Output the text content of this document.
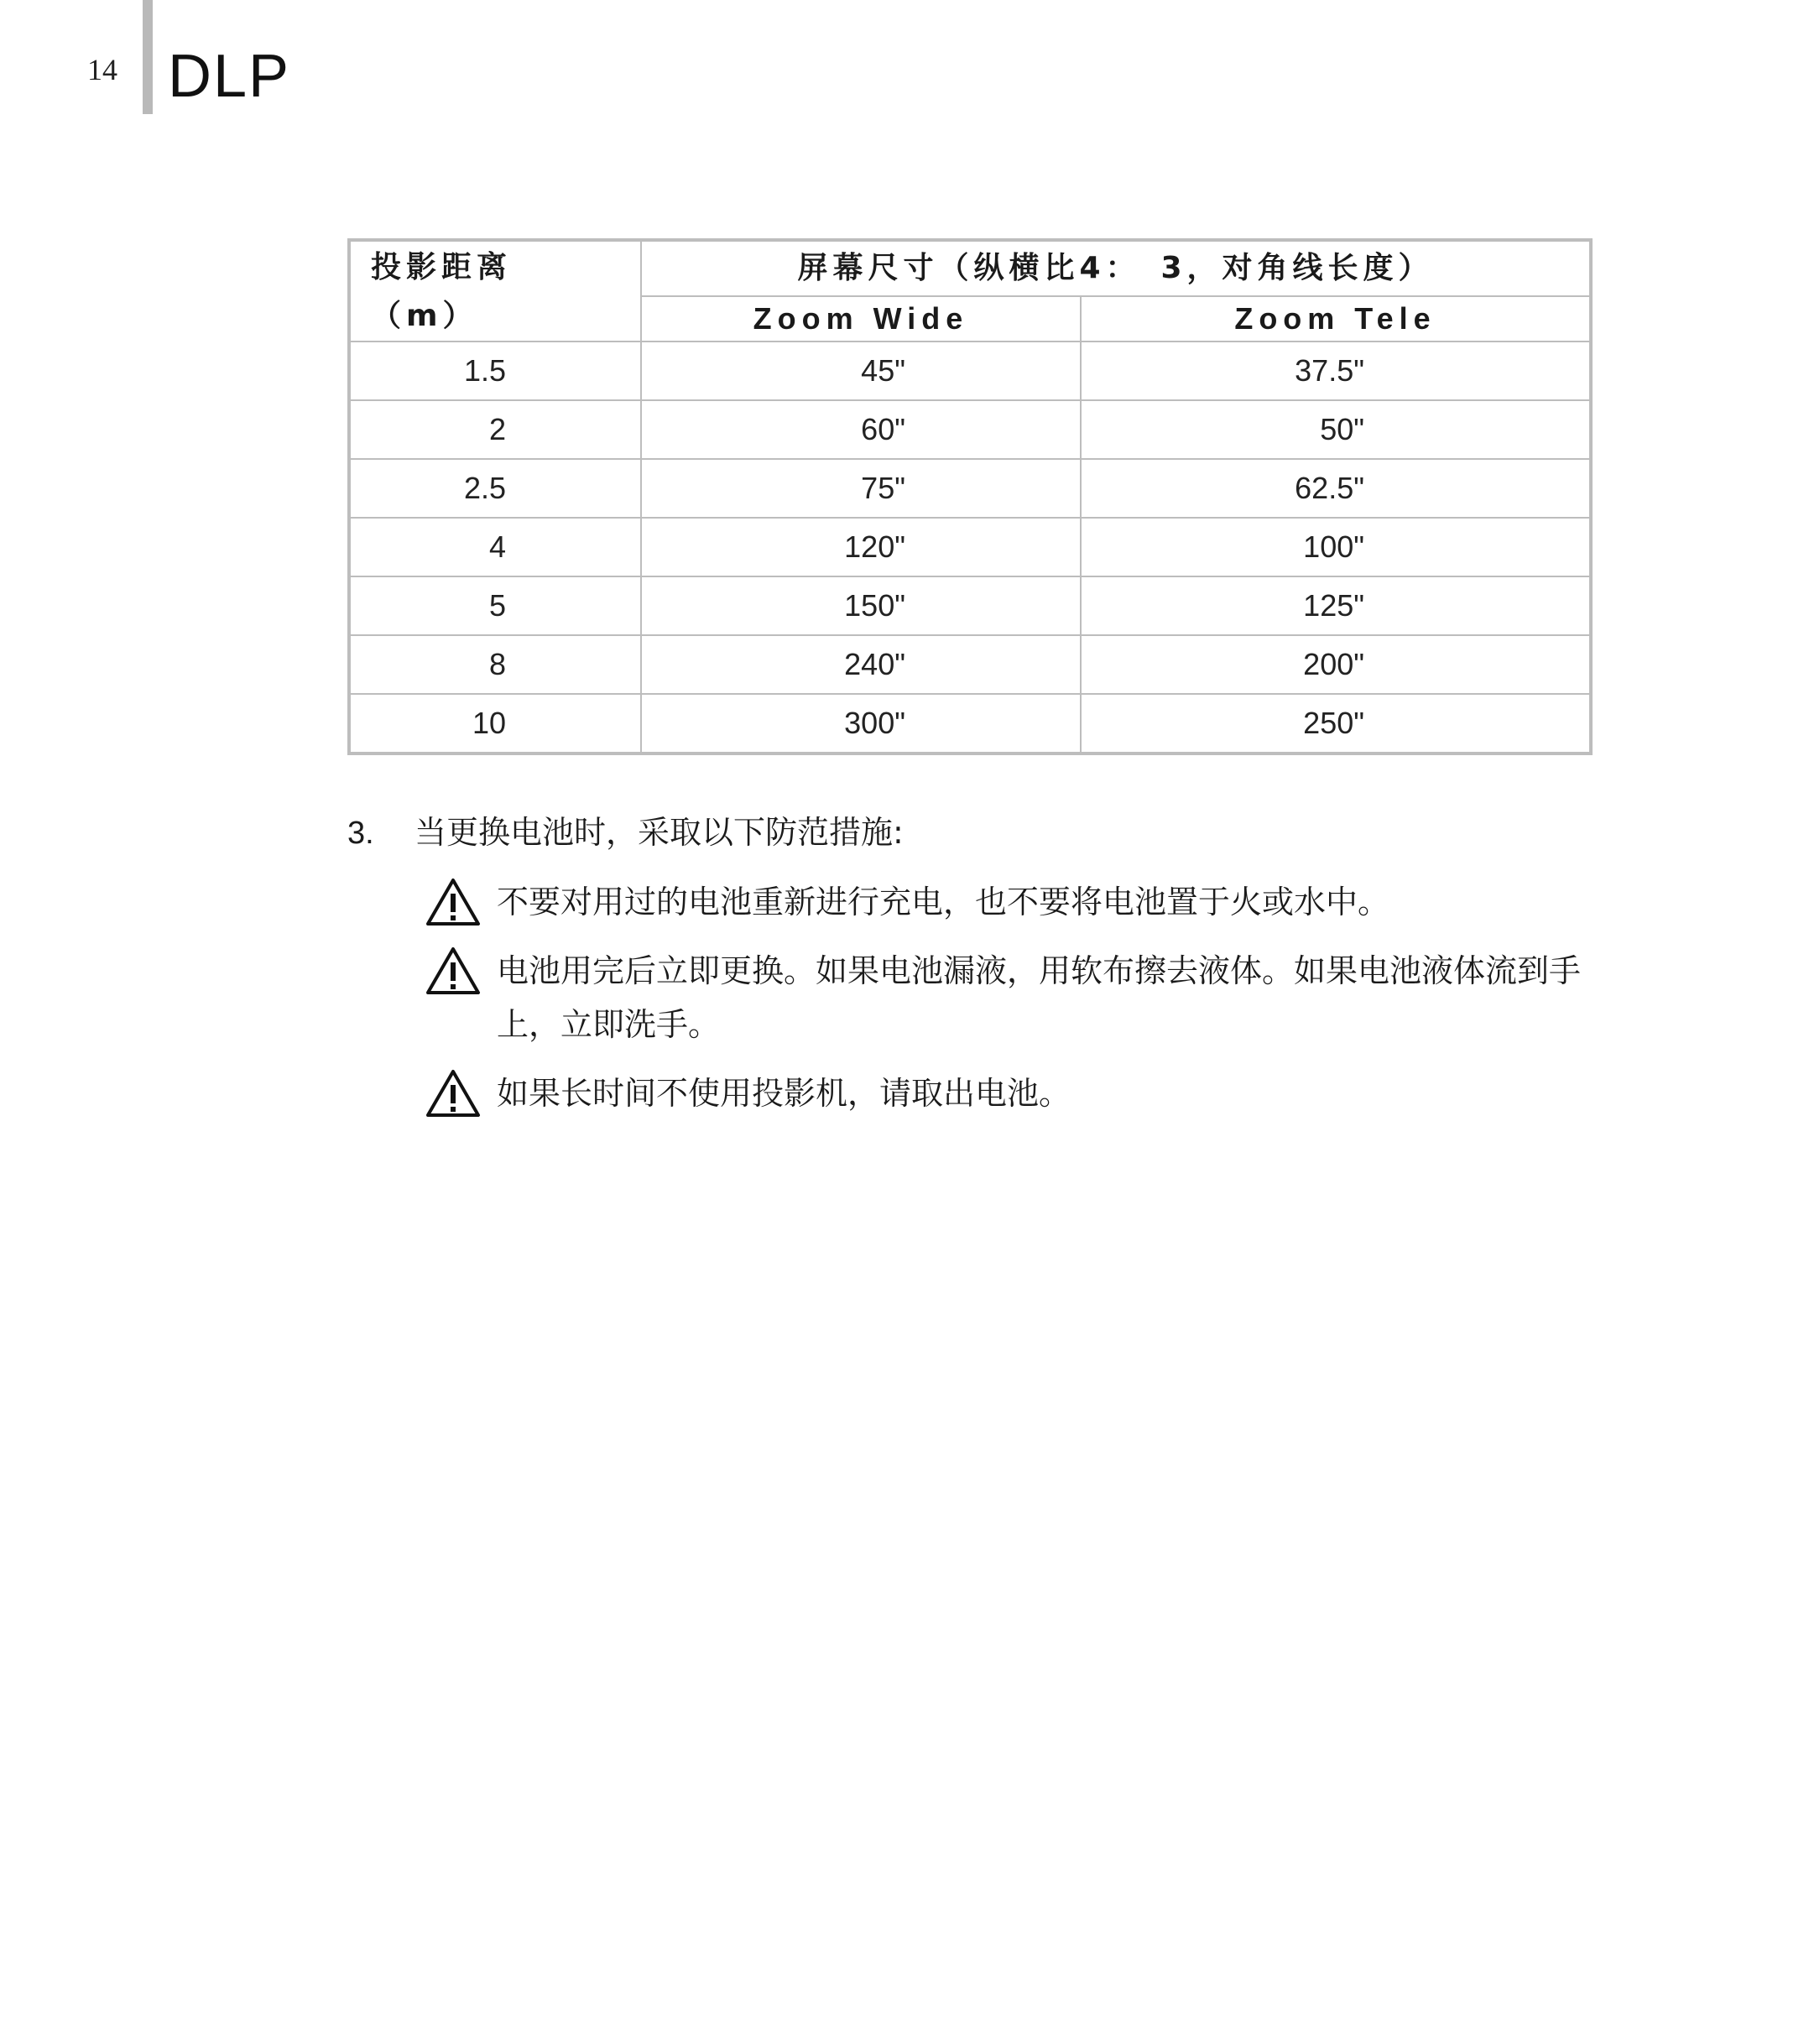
14 DLP
投影距离
（m）	屏幕尺寸（纵横比4：　3，对角线长度）	
	Zoom Wide	Zoom Tele
1.5	45"	37.5"
2	60"	50"
2.5	75"	62.5"
4	120"	100"
5	150"	125"
8	240"	200"
10	300"	250"
3.	当更换电池时，采取以下防范措施:
不要对用过的电池重新进行充电，也不要将电池置于火或水中。
电池用完后立即更换。如果电池漏液，用软布擦去液体。如果电池液体流到手上，立即洗手。
如果长时间不使用投影机，请取出电池。
